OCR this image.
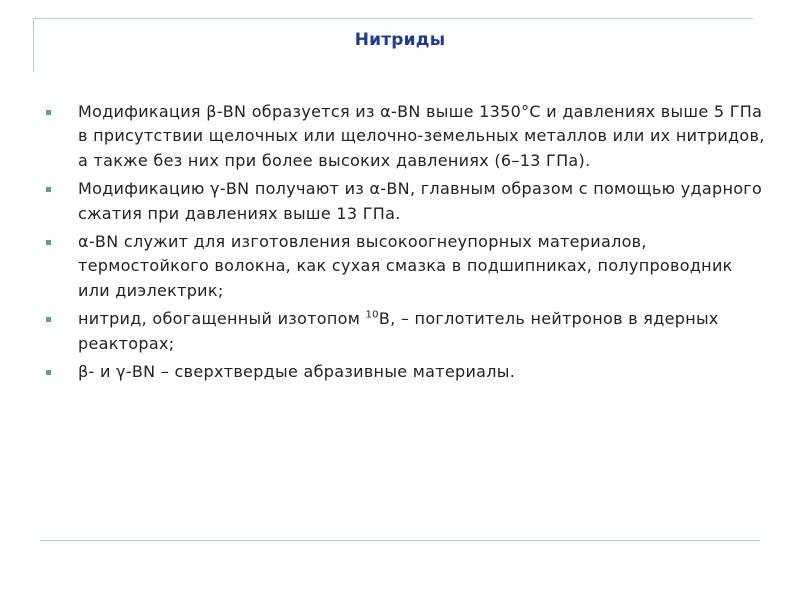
Нитриды
Модификация β-BN образуется из α-BN выше 1350°С и давлениях выше 5 ГПа в присутствии щелочных или щелочно-земельных металлов или их нитридов, а также без них при более высоких давлениях (6–13 ГПа).
Модификацию γ-BN получают из α-BN, главным образом с помощью ударного сжатия при давлениях выше 13 ГПа.
α-BN служит для изготовления высокоогнеупорных материалов, термостойкого волокна, как сухая смазка в подшипниках, полупроводник или диэлектрик;
нитрид, обогащенный изотопом $^{10}$B, – поглотитель нейтронов в ядерных реакторах;
β- и γ-BN – сверхтвердые абразивные материалы.
